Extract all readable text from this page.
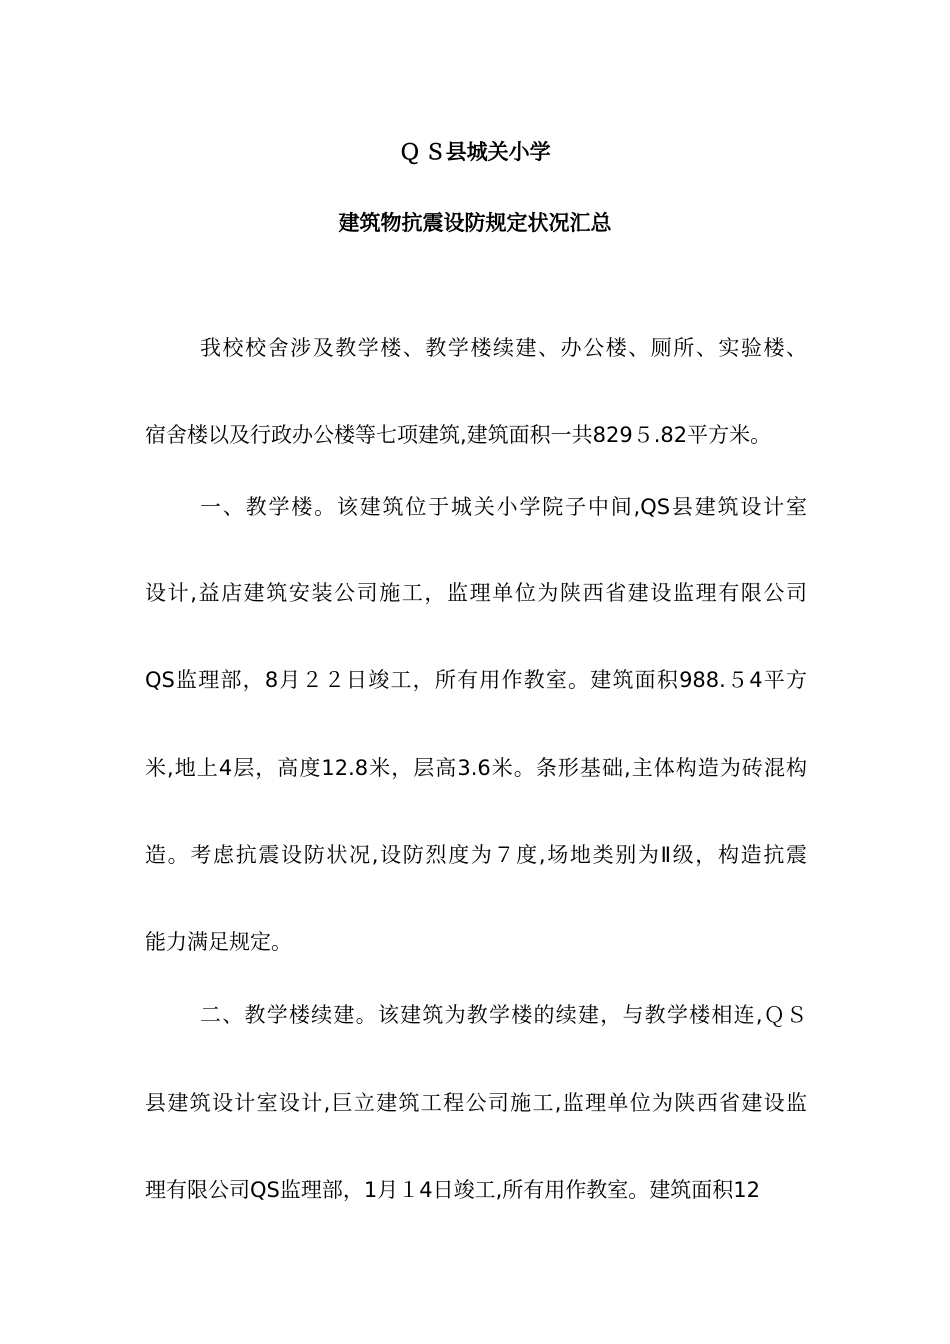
Ｑ Ｓ县城关小学
建筑物抗震设防规定状况汇总
我校校舍涉及教学楼、教学楼续建、办公楼、厕所、实验楼、
宿舍楼以及行政办公楼等七项建筑,建筑面积一共829５.82平方米。
一、教学楼。该建筑位于城关小学院子中间,QS县建筑设计室
设计,益店建筑安装公司施工，监理单位为陕西省建设监理有限公司
QS监理部，8月２２日竣工，所有用作教室。建筑面积988.５4平方
米,地上4层，高度12.8米，层高3.6米。条形基础,主体构造为砖混构
造。考虑抗震设防状况,设防烈度为７度,场地类别为Ⅱ级，构造抗震
能力满足规定。
二、教学楼续建。该建筑为教学楼的续建，与教学楼相连,ＱＳ
县建筑设计室设计,巨立建筑工程公司施工,监理单位为陕西省建设监
理有限公司QS监理部，1月１4日竣工,所有用作教室。建筑面积12
